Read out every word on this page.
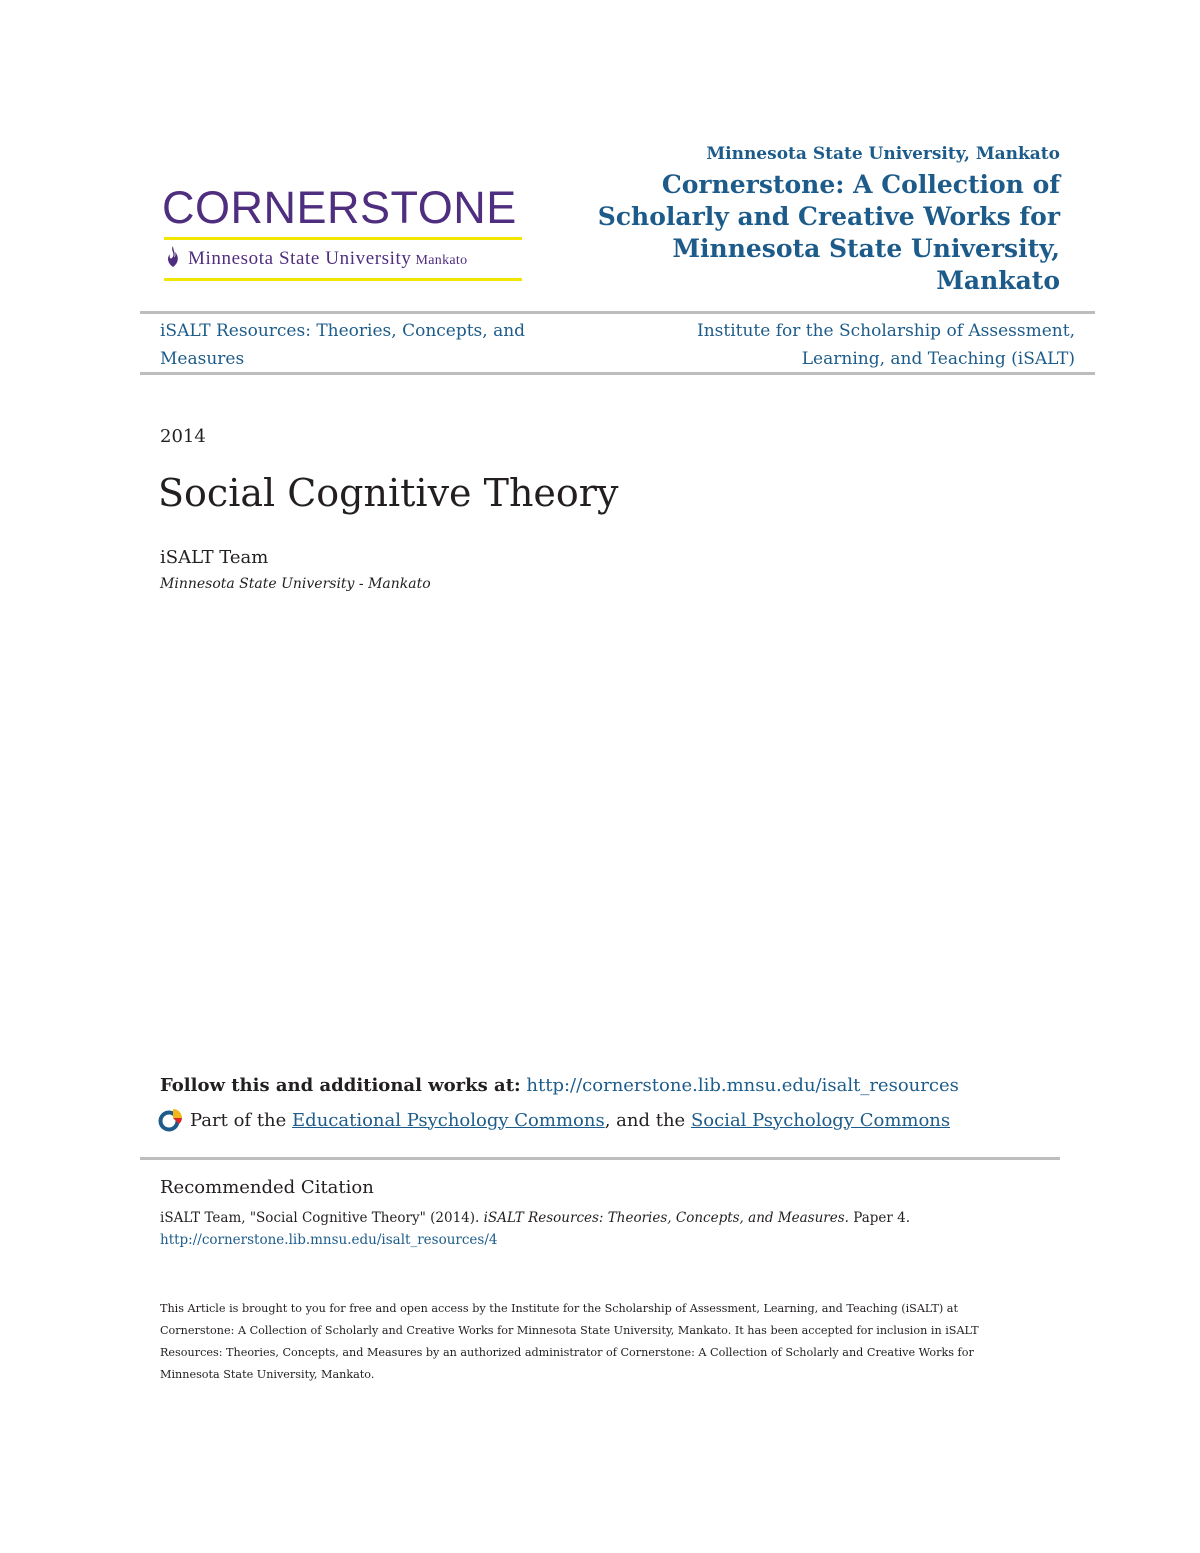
CORNERSTONE
Minnesota State University Mankato
Minnesota State University, Mankato
Cornerstone: A Collection of Scholarly and Creative Works for Minnesota State University, Mankato
iSALT Resources: Theories, Concepts, and Measures
Institute for the Scholarship of Assessment, Learning, and Teaching (iSALT)
2014
Social Cognitive Theory
iSALT Team
Minnesota State University - Mankato
Follow this and additional works at: http://cornerstone.lib.mnsu.edu/isalt_resources
Part of the
Educational Psychology Commons , and the
Social Psychology Commons
Recommended Citation
iSALT Team, "Social Cognitive Theory" (2014). iSALT Resources: Theories, Concepts, and Measures. Paper 4.
http://cornerstone.lib.mnsu.edu/isalt_resources/4
This Article is brought to you for free and open access by the Institute for the Scholarship of Assessment, Learning, and Teaching (iSALT) at Cornerstone: A Collection of Scholarly and Creative Works for Minnesota State University, Mankato. It has been accepted for inclusion in iSALT Resources: Theories, Concepts, and Measures by an authorized administrator of Cornerstone: A Collection of Scholarly and Creative Works for Minnesota State University, Mankato.
